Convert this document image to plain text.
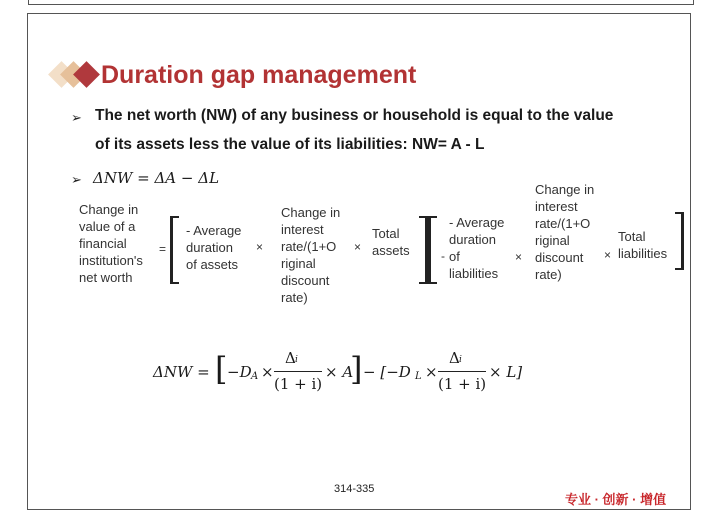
Duration gap management
➢ The net worth (NW) of any business or household is equal to the value
of its assets less the value of its liabilities: NW= A - L
➢ ΔNW = ΔA − ΔL
Change in
value of a
financial
institution's
net worth
=
- Average
duration
of assets
×
Change in
interest
rate/(1+O
riginal
discount
rate)
×
Total
assets	-
- Average
duration
of
liabilities
×
Change in
interest
rate/(1+O
riginal
discount
rate)
×
Total
liabilities
ΔNW = [ −D A ×
Δ i
(1 + i)
× A
] − [−D L ×
Δ i
(1 + i)
× L]
314-335
专业 · 创新 · 增值
